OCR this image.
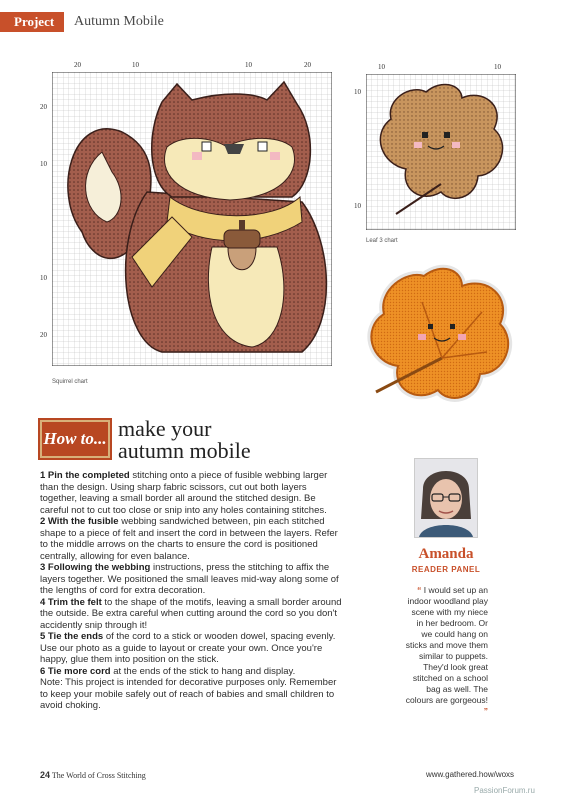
Project	Autumn Mobile
20	10	10	20
20
10
10
20
Squirrel chart
10	10
10
10
Leaf 3 chart
How to... make your
autumn mobile

1 Pin the completed stitching onto a piece of fusible webbing larger than the design. Using sharp fabric scissors, cut out both layers together, leaving a small border all around the stitched design. Be careful not to cut too close or snip into any holes containing stitches.

2 With the fusible webbing sandwiched between, pin each stitched shape to a piece of felt and insert the cord in between the layers. Refer to the middle arrows on the charts to ensure the cord is positioned centrally, allowing for even balance.

3 Following the webbing instructions, press the stitching to affix the layers together. We positioned the small leaves mid-way along some of the lengths of cord for extra decoration.

4 Trim the felt to the shape of the motifs, leaving a small border around the outside. Be extra careful when cutting around the cord so you don't accidently snip through it!

5 Tie the ends of the cord to a stick or wooden dowel, spacing evenly. Use our photo as a guide to layout or create your own. Once you're happy, glue them into position on the stick.

6 Tie more cord at the ends of the stick to hang and display.

Note: This project is intended for decorative purposes only. Remember to keep your mobile safely out of reach of babies and small children to avoid choking.

Amanda
READER PANEL
“ I would set up an indoor woodland play scene with my niece in her bedroom. Or we could hang on sticks and move them similar to puppets. They'd look great stitched on a school bag as well. The colours are gorgeous! ”
24 The World of Cross Stitching	www.gathered.how/woxs
PassionForum.ru
